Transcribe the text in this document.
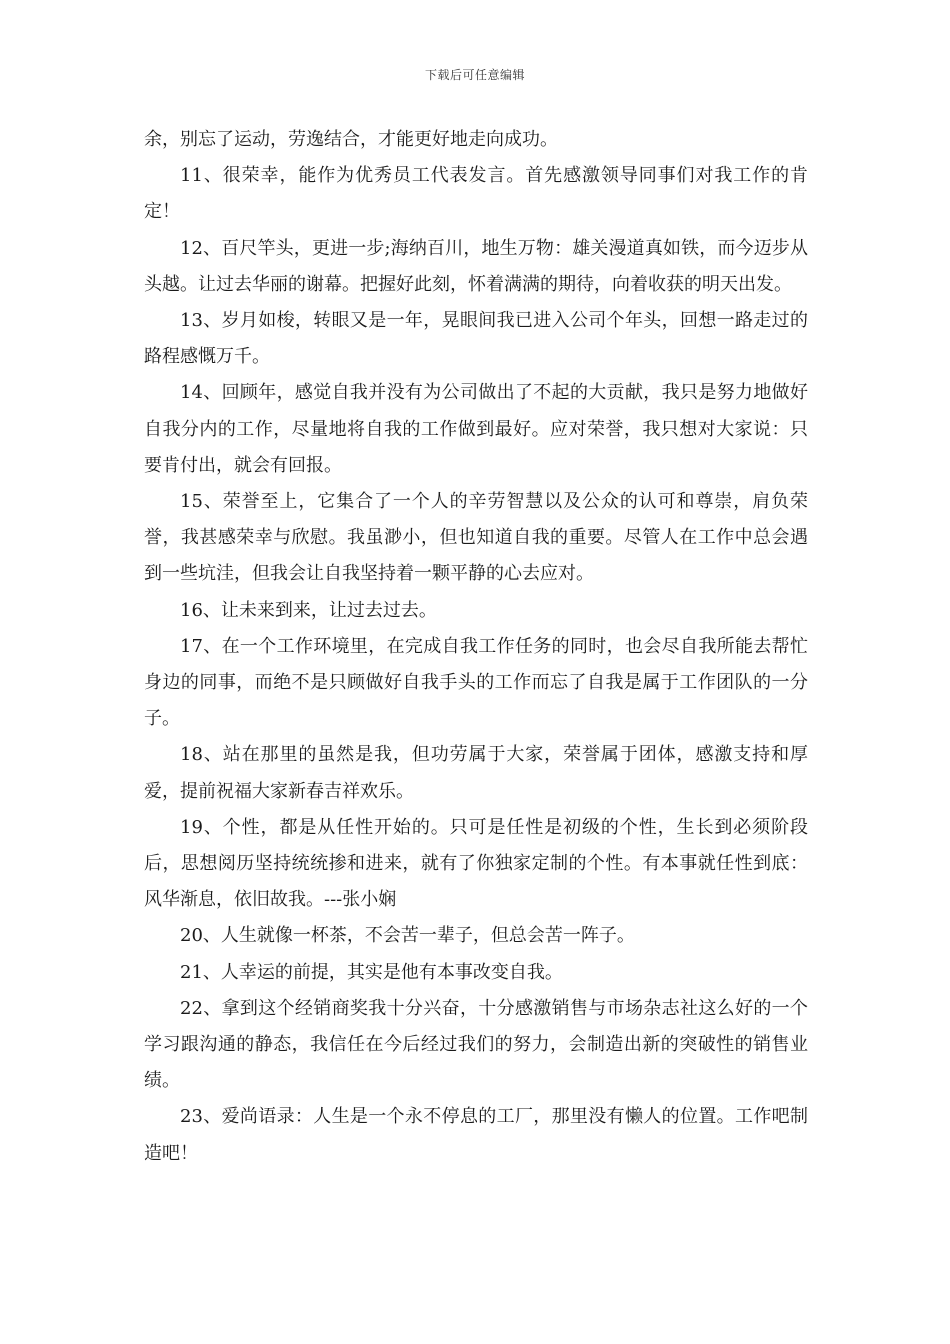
下载后可任意编辑

余，别忘了运动，劳逸结合，才能更好地走向成功。

11、很荣幸，能作为优秀员工代表发言。首先感激领导同事们对我工作的肯定！

12、百尺竿头，更进一步;海纳百川，地生万物：雄关漫道真如铁，而今迈步从头越。让过去华丽的谢幕。把握好此刻，怀着满满的期待，向着收获的明天出发。

13、岁月如梭，转眼又是一年，晃眼间我已进入公司个年头，回想一路走过的路程感慨万千。

14、回顾年，感觉自我并没有为公司做出了不起的大贡献，我只是努力地做好自我分内的工作，尽量地将自我的工作做到最好。应对荣誉，我只想对大家说：只要肯付出，就会有回报。

15、荣誉至上，它集合了一个人的辛劳智慧以及公众的认可和尊崇，肩负荣誉，我甚感荣幸与欣慰。我虽渺小，但也知道自我的重要。尽管人在工作中总会遇到一些坑洼，但我会让自我坚持着一颗平静的心去应对。

16、让未来到来，让过去过去。

17、在一个工作环境里，在完成自我工作任务的同时，也会尽自我所能去帮忙身边的同事，而绝不是只顾做好自我手头的工作而忘了自我是属于工作团队的一分子。

18、站在那里的虽然是我，但功劳属于大家，荣誉属于团体，感激支持和厚爱，提前祝福大家新春吉祥欢乐。

19、个性，都是从任性开始的。只可是任性是初级的个性，生长到必须阶段后，思想阅历坚持统统掺和进来，就有了你独家定制的个性。有本事就任性到底：风华渐息，依旧故我。---张小娴

20、人生就像一杯茶，不会苦一辈子，但总会苦一阵子。

21、人幸运的前提，其实是他有本事改变自我。

22、拿到这个经销商奖我十分兴奋，十分感激销售与市场杂志社这么好的一个学习跟沟通的静态，我信任在今后经过我们的努力，会制造出新的突破性的销售业绩。

23、爱尚语录：人生是一个永不停息的工厂，那里没有懒人的位置。工作吧制造吧！
